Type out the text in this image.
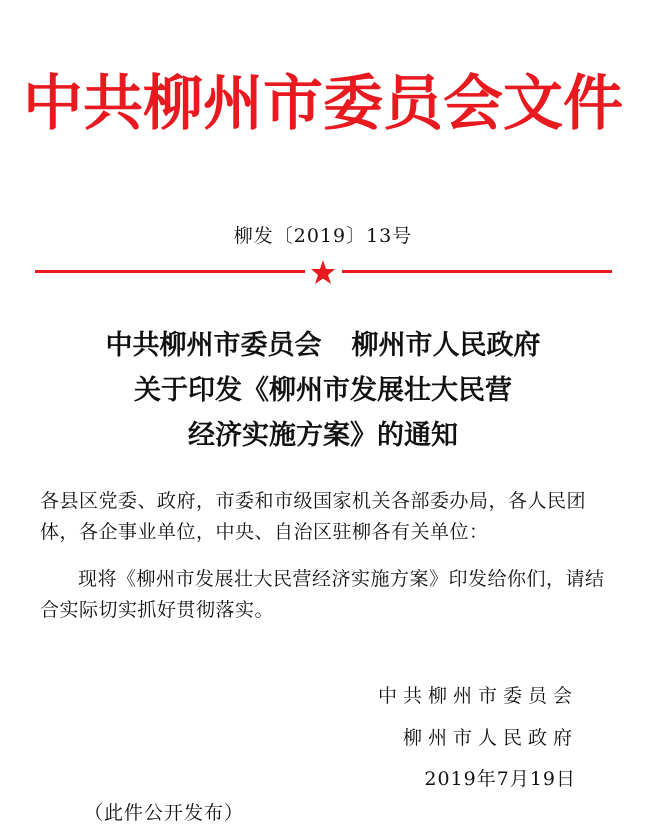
中共柳州市委员会文件
柳发〔2019〕13号
中共柳州市委员会 柳州市人民政府
关于印发《柳州市发展壮大民营
经济实施方案》的通知
各县区党委、政府，市委和市级国家机关各部委办局，各人民团体，各企事业单位，中央、自治区驻柳各有关单位：
现将《柳州市发展壮大民营经济实施方案》印发给你们，请结合实际切实抓好贯彻落实。
中共柳州市委员会
柳州市人民政府
2019年7月19日
（此件公开发布）
